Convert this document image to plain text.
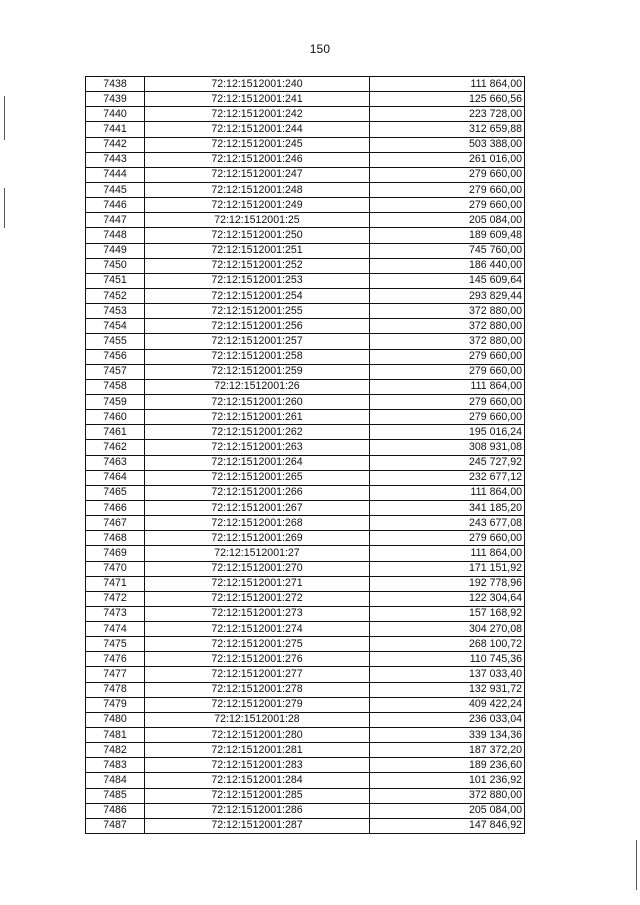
150
7438	72:12:1512001:240	111 864,00
7439	72:12:1512001:241	125 660,56
7440	72:12:1512001:242	223 728,00
7441	72:12:1512001:244	312 659,88
7442	72:12:1512001:245	503 388,00
7443	72:12:1512001:246	261 016,00
7444	72:12:1512001:247	279 660,00
7445	72:12:1512001:248	279 660,00
7446	72:12:1512001:249	279 660,00
7447	72:12:1512001:25	205 084,00
7448	72:12:1512001:250	189 609,48
7449	72:12:1512001:251	745 760,00
7450	72:12:1512001:252	186 440,00
7451	72:12:1512001:253	145 609,64
7452	72:12:1512001:254	293 829,44
7453	72:12:1512001:255	372 880,00
7454	72:12:1512001:256	372 880,00
7455	72:12:1512001:257	372 880,00
7456	72:12:1512001:258	279 660,00
7457	72:12:1512001:259	279 660,00
7458	72:12:1512001:26	111 864,00
7459	72:12:1512001:260	279 660,00
7460	72:12:1512001:261	279 660,00
7461	72:12:1512001:262	195 016,24
7462	72:12:1512001:263	308 931,08
7463	72:12:1512001:264	245 727,92
7464	72:12:1512001:265	232 677,12
7465	72:12:1512001:266	111 864,00
7466	72:12:1512001:267	341 185,20
7467	72:12:1512001:268	243 677,08
7468	72:12:1512001:269	279 660,00
7469	72:12:1512001:27	111 864,00
7470	72:12:1512001:270	171 151,92
7471	72:12:1512001:271	192 778,96
7472	72:12:1512001:272	122 304,64
7473	72:12:1512001:273	157 168,92
7474	72:12:1512001:274	304 270,08
7475	72:12:1512001:275	268 100,72
7476	72:12:1512001:276	110 745,36
7477	72:12:1512001:277	137 033,40
7478	72:12:1512001:278	132 931,72
7479	72:12:1512001:279	409 422,24
7480	72:12:1512001:28	236 033,04
7481	72:12:1512001:280	339 134,36
7482	72:12:1512001:281	187 372,20
7483	72:12:1512001:283	189 236,60
7484	72:12:1512001:284	101 236,92
7485	72:12:1512001:285	372 880,00
7486	72:12:1512001:286	205 084,00
7487	72:12:1512001:287	147 846,92
